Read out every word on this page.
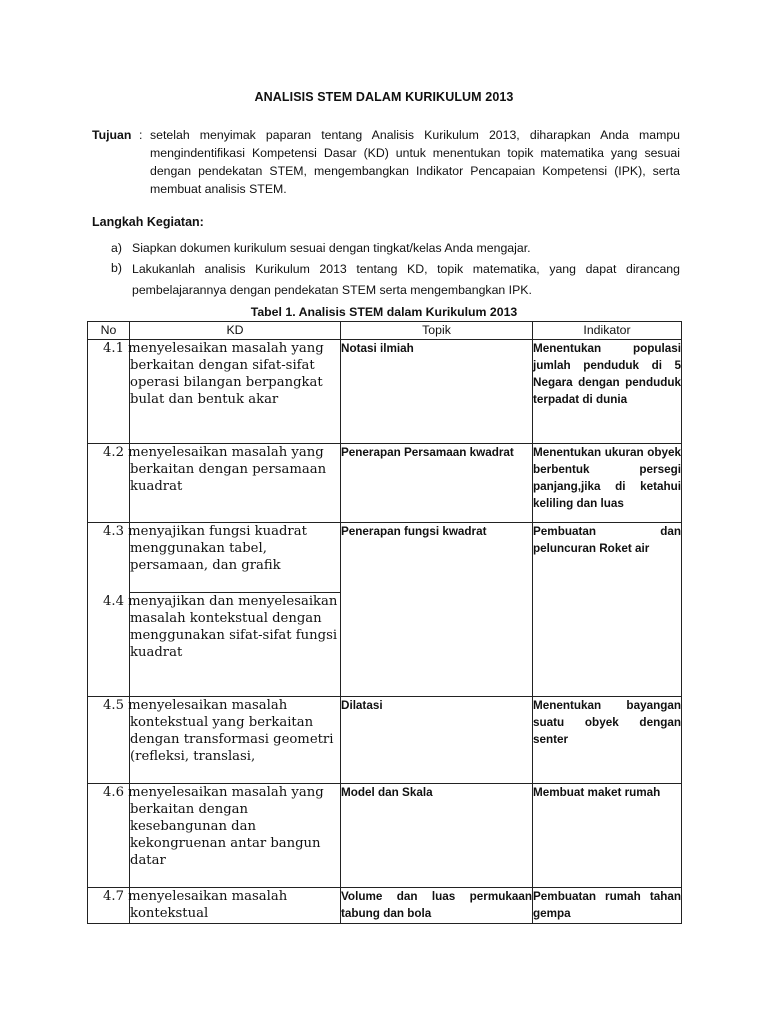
ANALISIS STEM DALAM KURIKULUM 2013
Tujuan : setelah menyimak paparan tentang Analisis Kurikulum 2013, diharapkan Anda mampu mengindentifikasi Kompetensi Dasar (KD) untuk menentukan topik matematika yang sesuai dengan pendekatan STEM, mengembangkan Indikator Pencapaian Kompetensi (IPK), serta membuat analisis STEM.
Langkah Kegiatan:
a) Siapkan dokumen kurikulum sesuai dengan tingkat/kelas Anda mengajar.
b) Lakukanlah analisis Kurikulum 2013 tentang KD, topik matematika, yang dapat dirancang pembelajarannya dengan pendekatan STEM serta mengembangkan IPK.
Tabel 1. Analisis STEM dalam Kurikulum 2013
No	KD	Topik	Indikator

	4.1 menyelesaikan masalah yang berkaitan dengan sifat-sifat operasi bilangan berpangkat bulat dan bentuk akar	Notasi ilmiah	Menentukan populasi jumlah penduduk di 5 Negara dengan penduduk terpadat di dunia

	4.2 menyelesaikan masalah yang berkaitan dengan persamaan kuadrat	Penerapan Persamaan kwadrat	Menentukan ukuran obyek berbentuk persegi panjang,jika di ketahui keliling dan luas

	4.3 menyajikan fungsi kuadrat menggunakan tabel, persamaan, dan grafik	Penerapan fungsi kwadrat	Pembuatan dan peluncuran Roket air

	4.4 menyajikan dan menyelesaikan masalah kontekstual dengan menggunakan sifat-sifat fungsi kuadrat		

	4.5 menyelesaikan masalah kontekstual yang berkaitan dengan transformasi geometri (refleksi, translasi,	Dilatasi	Menentukan bayangan suatu obyek dengan senter

	4.6 menyelesaikan masalah yang berkaitan dengan kesebangunan dan kekongruenan antar bangun datar	Model dan Skala	Membuat maket rumah

	4.7 menyelesaikan masalah kontekstual	Volume dan luas permukaan tabung dan bola	Pembuatan rumah tahan gempa
